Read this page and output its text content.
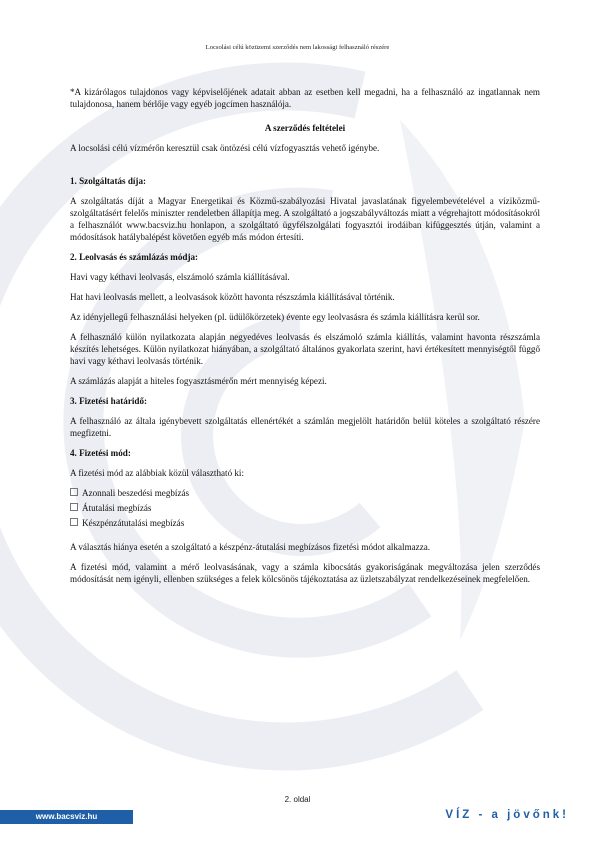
Locsolási célú közüzemi szerződés nem lakossági felhasználó részére

*A kizárólagos tulajdonos vagy képviselőjének adatait abban az esetben kell megadni, ha a felhasználó az ingatlannak nem tulajdonosa, hanem bérlője vagy egyéb jogcímen használója.

A szerződés feltételei

A locsolási célú vízmérőn keresztül csak öntözési célú vízfogyasztás vehető igénybe.

1. Szolgáltatás díja:

A szolgáltatás díját a Magyar Energetikai és Közmű-szabályozási Hivatal javaslatának figyelembevételével a víziközmű-szolgáltatásért felelős miniszter rendeletben állapítja meg. A szolgáltató a jogszabályváltozás miatt a végrehajtott módosításokról a felhasználót www.bacsviz.hu honlapon, a szolgáltató ügyfélszolgálati fogyasztói irodáiban kifüggesztés útján, valamint a módosítások hatálybalépést követően egyéb más módon értesíti.

2. Leolvasás és számlázás módja:

Havi vagy kéthavi leolvasás, elszámoló számla kiállításával.

Hat havi leolvasás mellett, a leolvasások között havonta részszámla kiállításával történik.

Az idényjellegű felhasználási helyeken (pl. üdülőkörzetek) évente egy leolvasásra és számla kiállításra kerül sor.

A felhasználó külön nyilatkozata alapján negyedéves leolvasás és elszámoló számla kiállítás, valamint havonta részszámla készítés lehetséges. Külön nyilatkozat hiányában, a szolgáltató általános gyakorlata szerint, havi értékesített mennyiségtől függő havi vagy kéthavi leolvasás történik.

A számlázás alapját a hiteles fogyasztásmérőn mért mennyiség képezi.

3. Fizetési határidő:

A felhasználó az általa igénybevett szolgáltatás ellenértékét a számlán megjelölt határidőn belül köteles a szolgáltató részére megfizetni.

4. Fizetési mód:

A fizetési mód az alábbiak közül választható ki:

Azonnali beszedési megbízás
Átutalási megbízás
Készpénzátutalási megbízás

A választás hiánya esetén a szolgáltató a készpénz-átutalási megbízásos fizetési módot alkalmazza.

A fizetési mód, valamint a mérő leolvasásának, vagy a számla kibocsátás gyakoriságának megváltozása jelen szerződés módosítását nem igényli, ellenben szükséges a felek kölcsönös tájékoztatása az üzletszabályzat rendelkezéseinek megfelelően.

2. oldal
www.bacsviz.hu	VÍZ - a jövőnk!
